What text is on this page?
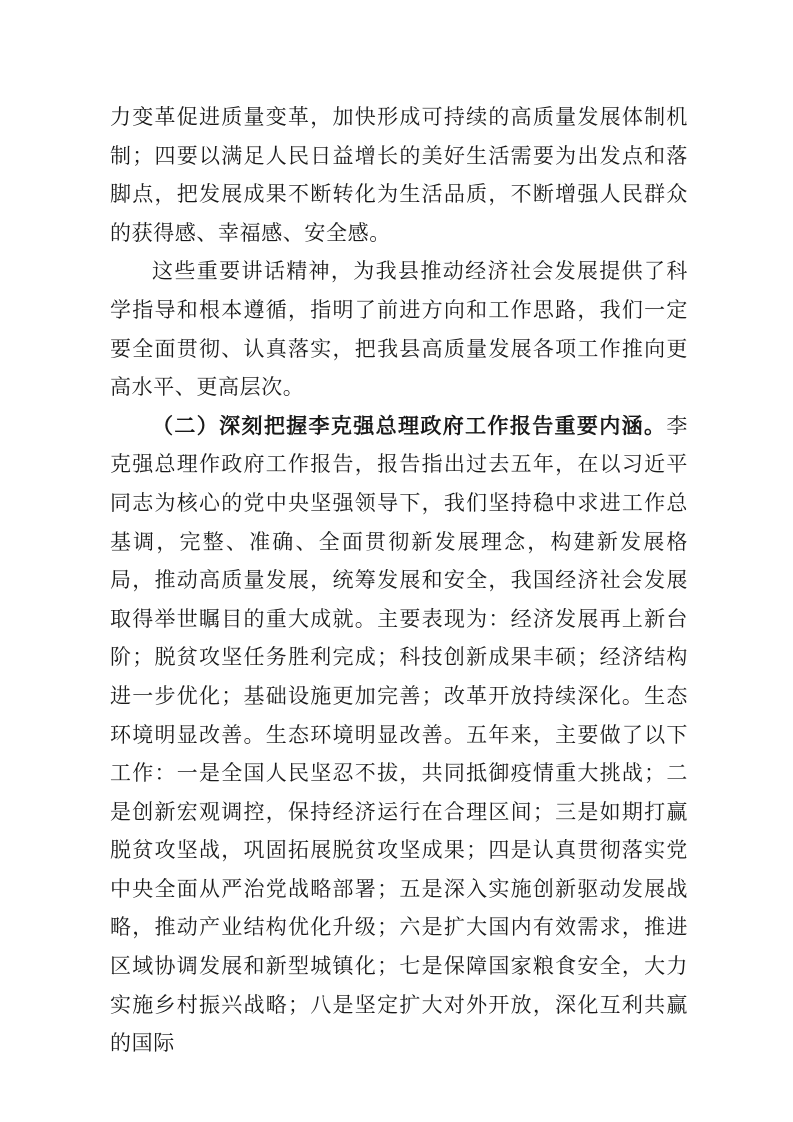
力变革促进质量变革，加快形成可持续的高质量发展体制机制；四要以满足人民日益增长的美好生活需要为出发点和落脚点，把发展成果不断转化为生活品质，不断增强人民群众的获得感、幸福感、安全感。

这些重要讲话精神，为我县推动经济社会发展提供了科学指导和根本遵循，指明了前进方向和工作思路，我们一定要全面贯彻、认真落实，把我县高质量发展各项工作推向更高水平、更高层次。

（二）深刻把握李克强总理政府工作报告重要内涵。李克强总理作政府工作报告，报告指出过去五年，在以习近平同志为核心的党中央坚强领导下，我们坚持稳中求进工作总基调，完整、准确、全面贯彻新发展理念，构建新发展格局，推动高质量发展，统筹发展和安全，我国经济社会发展取得举世瞩目的重大成就。主要表现为：经济发展再上新台阶；脱贫攻坚任务胜利完成；科技创新成果丰硕；经济结构进一步优化；基础设施更加完善；改革开放持续深化。生态环境明显改善。生态环境明显改善。五年来，主要做了以下工作：一是全国人民坚忍不拔，共同抵御疫情重大挑战；二是创新宏观调控，保持经济运行在合理区间；三是如期打赢脱贫攻坚战，巩固拓展脱贫攻坚成果；四是认真贯彻落实党中央全面从严治党战略部署；五是深入实施创新驱动发展战略，推动产业结构优化升级；六是扩大国内有效需求，推进区域协调发展和新型城镇化；七是保障国家粮食安全，大力实施乡村振兴战略；八是坚定扩大对外开放，深化互利共赢的国际
